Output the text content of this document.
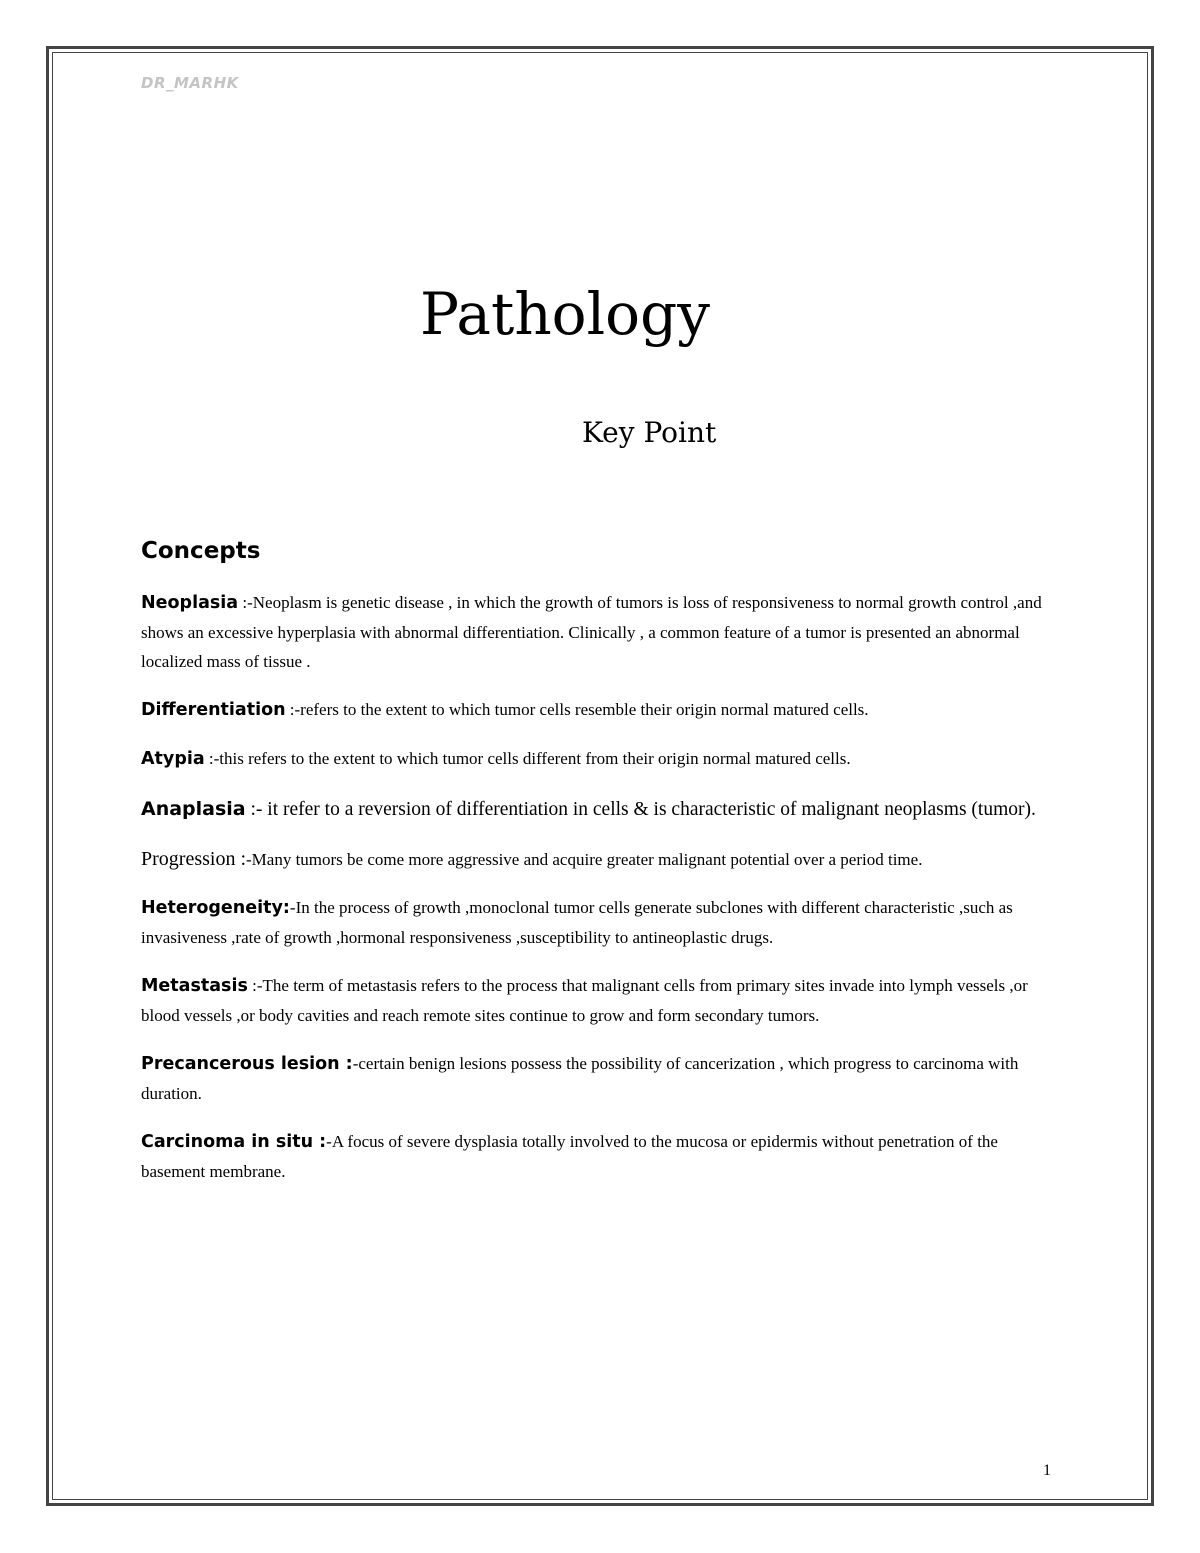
DR_MARHK
Pathology
Key Point
Concepts

Neoplasia :-Neoplasm is genetic disease , in which the growth of tumors is loss of responsiveness to normal growth control ,and shows an excessive hyperplasia with abnormal differentiation. Clinically , a common feature of a tumor is presented an abnormal localized mass of tissue .

Differentiation :-refers to the extent to which tumor cells resemble their origin normal matured cells.

Atypia :-this refers to the extent to which tumor cells different from their origin normal matured cells.

Anaplasia :- it refer to a reversion of differentiation in cells & is characteristic of malignant neoplasms (tumor).

Progression :-Many tumors be come more aggressive and acquire greater malignant potential over a period time.

Heterogeneity:-In the process of growth ,monoclonal tumor cells generate subclones with different characteristic ,such as invasiveness ,rate of growth ,hormonal responsiveness ,susceptibility to antineoplastic drugs.

Metastasis :-The term of metastasis refers to the process that malignant cells from primary sites invade into lymph vessels ,or blood vessels ,or body cavities and reach remote sites continue to grow and form secondary tumors.

Precancerous lesion :-certain benign lesions possess the possibility of cancerization , which progress to carcinoma with duration.

Carcinoma in situ :-A focus of severe dysplasia totally involved to the mucosa or epidermis without penetration of the basement membrane.

1
